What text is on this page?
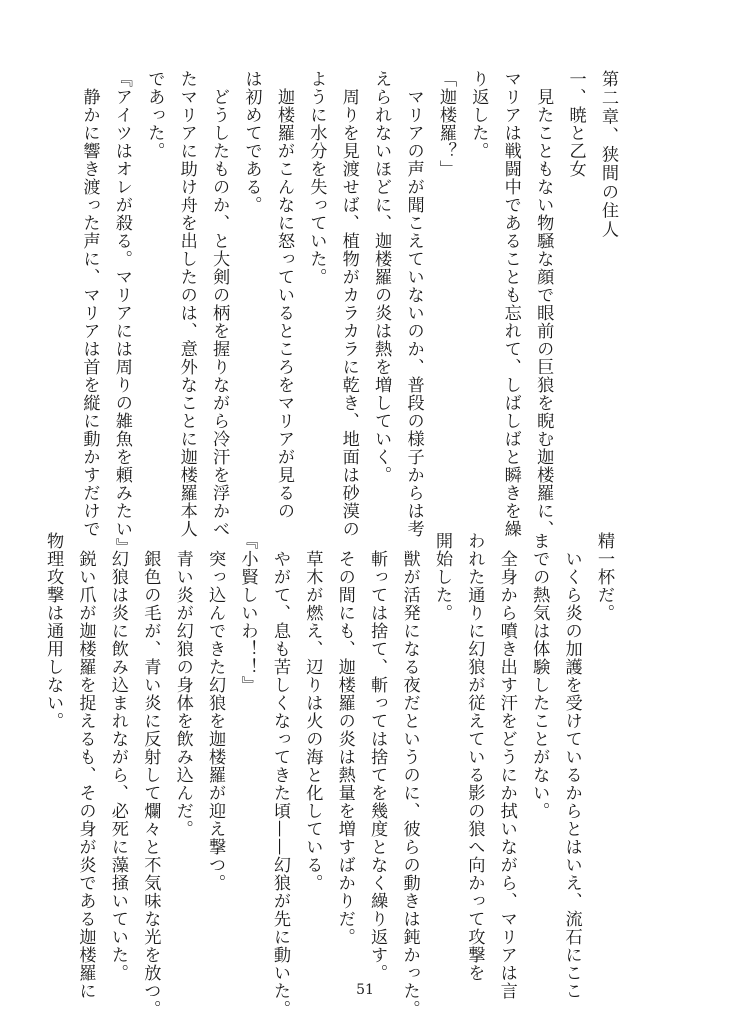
第二章、狭間の住人
一、暁と乙女
　見たこともない物騒な顔で眼前の巨狼を睨む迦楼羅に、
マリアは戦闘中であることも忘れて、しばしばと瞬きを繰
り返した。
「迦楼羅？」
　マリアの声が聞こえていないのか、普段の様子からは考
えられないほどに、迦楼羅の炎は熱を増していく。
　周りを見渡せば、植物がカラカラに乾き、地面は砂漠の
ように水分を失っていた。
　迦楼羅がこんなに怒っているところをマリアが見るの
は初めてである。
　どうしたものか、と大剣の柄を握りながら冷汗を浮かべ
たマリアに助け舟を出したのは、意外なことに迦楼羅本人
であった。
『アイツはオレが殺る。マリアには周りの雑魚を頼みたい』
　静かに響き渡った声に、マリアは首を縦に動かすだけで
精一杯だ。
　いくら炎の加護を受けているからとはいえ、流石にここ
までの熱気は体験したことがない。
　全身から噴き出す汗をどうにか拭いながら、マリアは言
われた通りに幻狼が従えている影の狼へ向かって攻撃を
開始した。
　獣が活発になる夜だというのに、彼らの動きは鈍かった。
　斬っては捨て、斬っては捨てを幾度となく繰り返す。
　その間にも、迦楼羅の炎は熱量を増すばかりだ。
　草木が燃え、辺りは火の海と化している。
　やがて、息も苦しくなってきた頃——幻狼が先に動いた。
『小賢しいわ！！』
　突っ込んできた幻狼を迦楼羅が迎え撃つ。
　青い炎が幻狼の身体を飲み込んだ。
　銀色の毛が、青い炎に反射して爛々と不気味な光を放つ。
　幻狼は炎に飲み込まれながら、必死に藻掻いていた。
　鋭い爪が迦楼羅を捉えるも、その身が炎である迦楼羅に
物理攻撃は通用しない。
51
